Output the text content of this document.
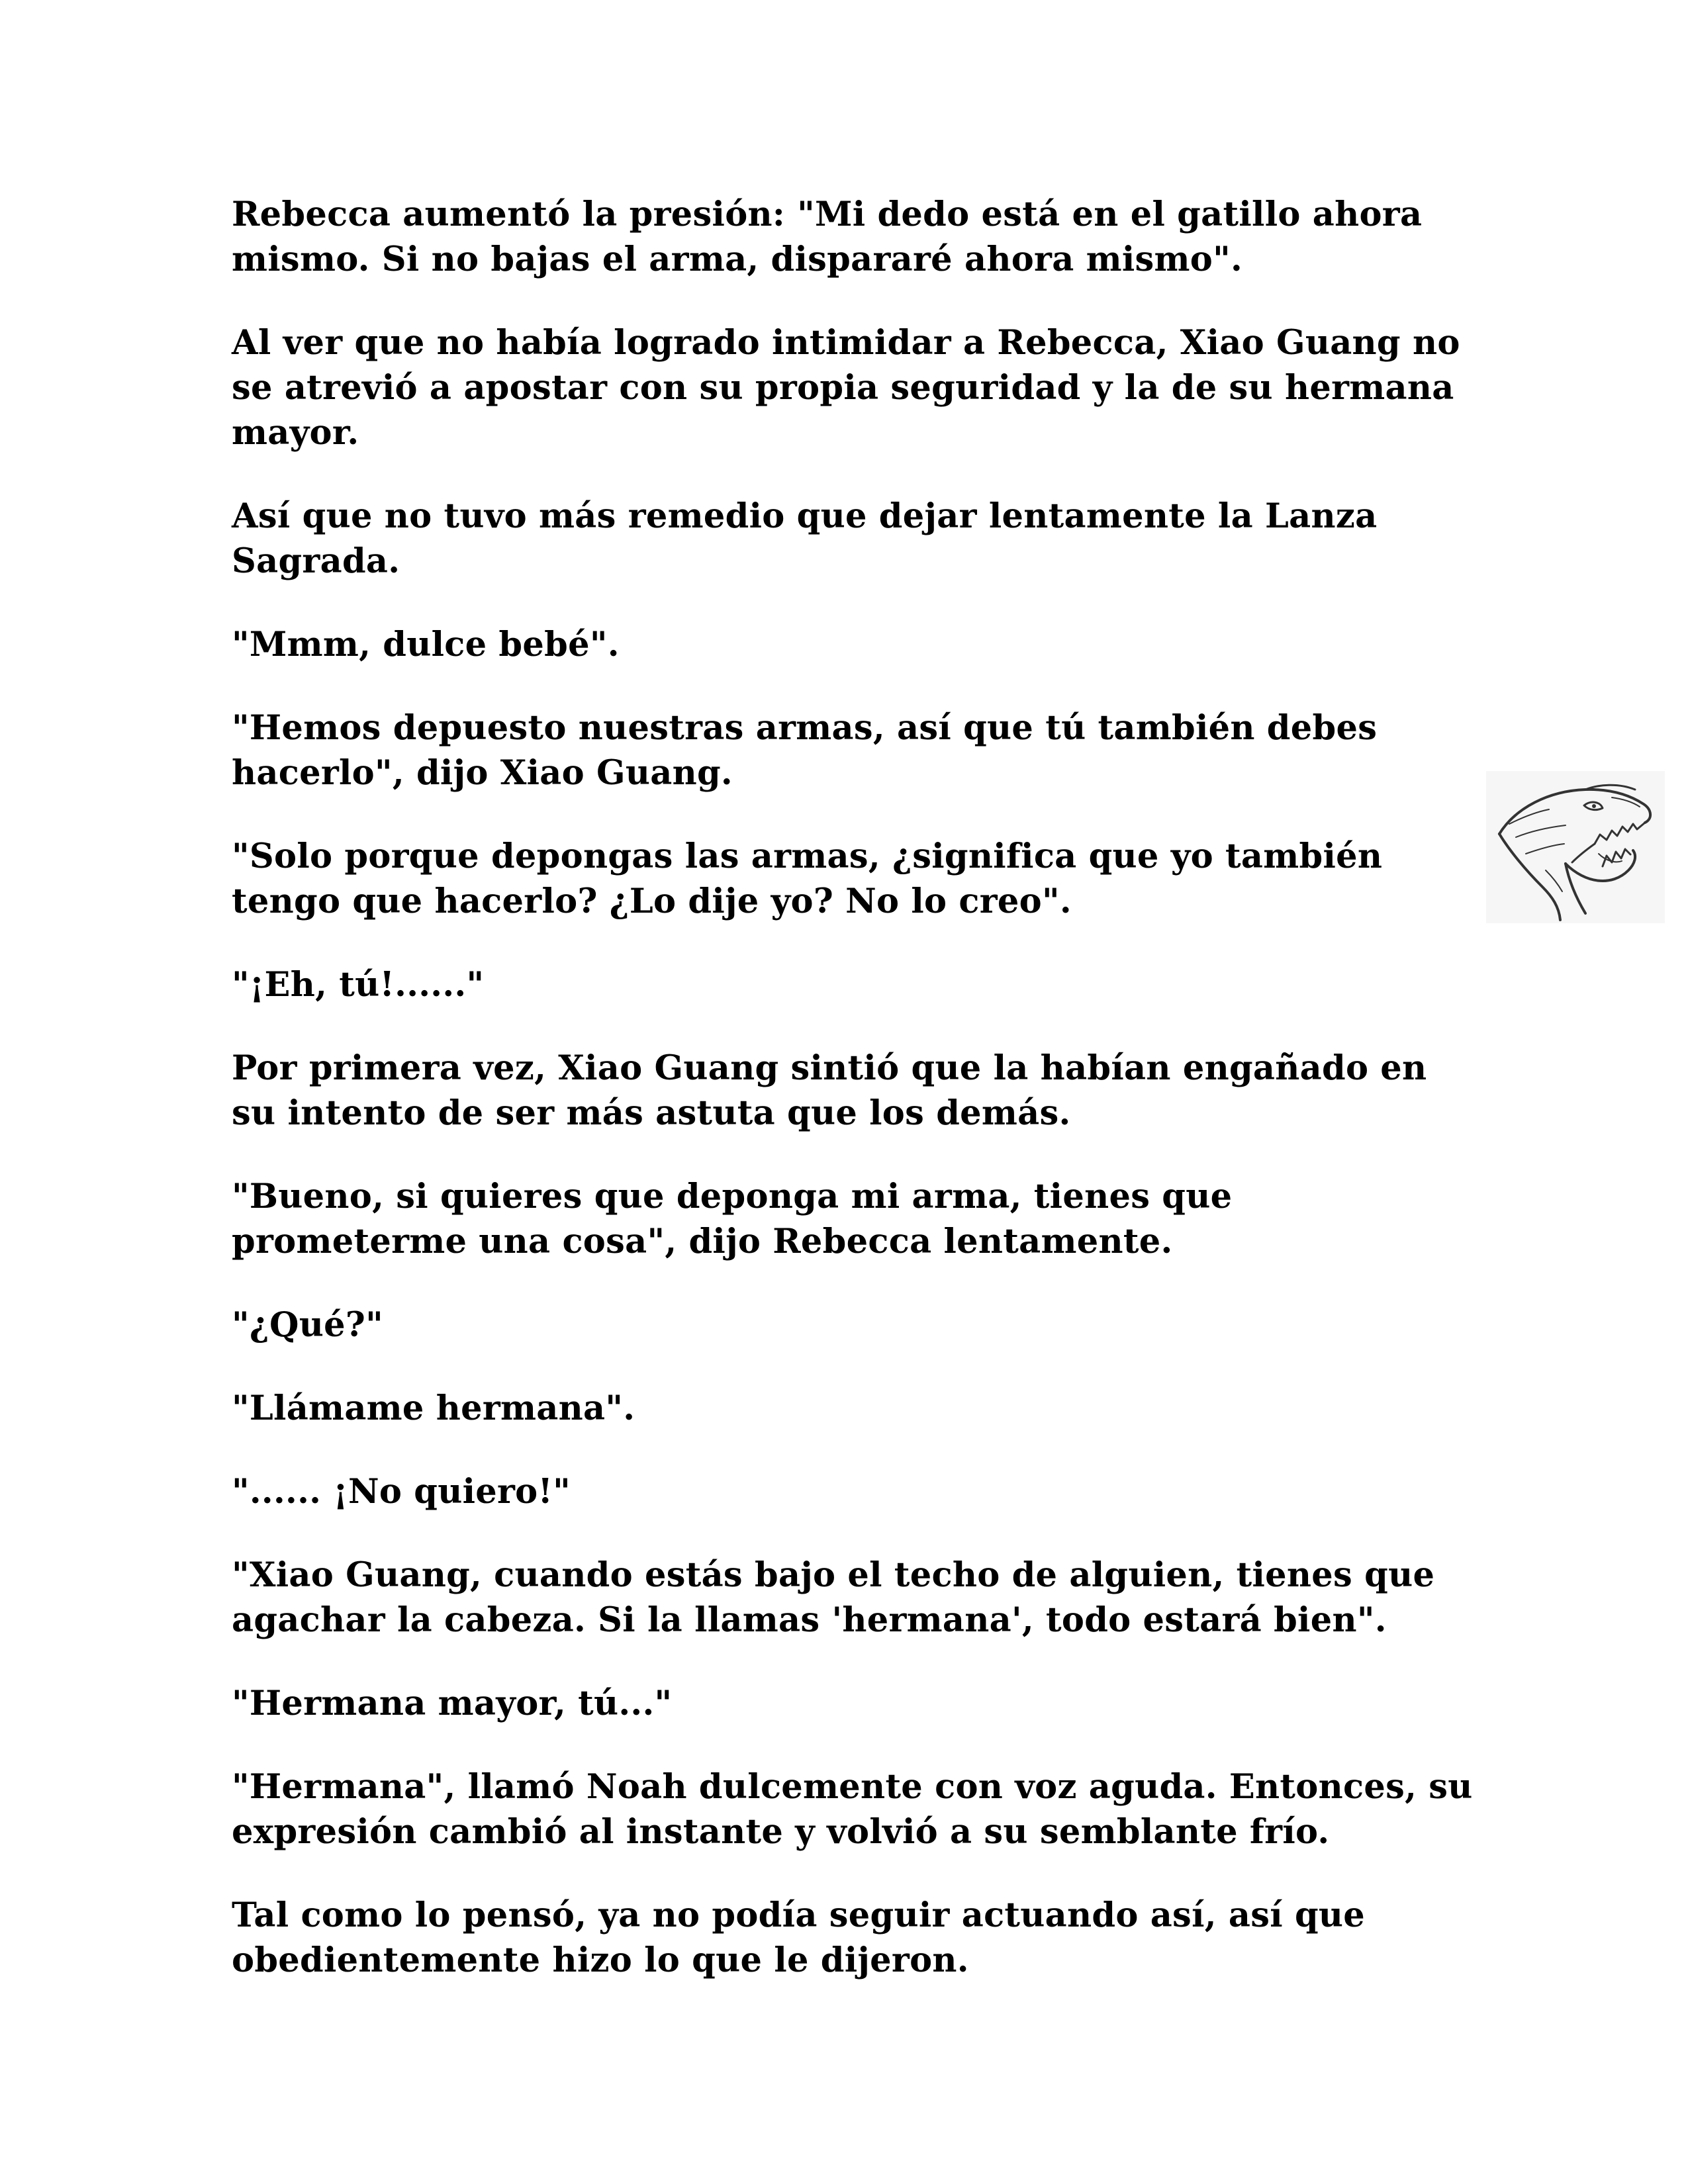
Rebecca aumentó la presión: "Mi dedo está en el gatillo ahora mismo. Si no bajas el arma, dispararé ahora mismo".

Al ver que no había logrado intimidar a Rebecca, Xiao Guang no se atrevió a apostar con su propia seguridad y la de su hermana mayor.

Así que no tuvo más remedio que dejar lentamente la Lanza Sagrada.

"Mmm, dulce bebé".

"Hemos depuesto nuestras armas, así que tú también debes hacerlo", dijo Xiao Guang.

"Solo porque depongas las armas, ¿significa que yo también tengo que hacerlo? ¿Lo dije yo? No lo creo".

"¡Eh, tú!......"

Por primera vez, Xiao Guang sintió que la habían engañado en su intento de ser más astuta que los demás.

"Bueno, si quieres que deponga mi arma, tienes que prometerme una cosa", dijo Rebecca lentamente.

"¿Qué?"

"Llámame hermana".

"...... ¡No quiero!"

"Xiao Guang, cuando estás bajo el techo de alguien, tienes que agachar la cabeza. Si la llamas 'hermana', todo estará bien".

"Hermana mayor, tú..."

"Hermana", llamó Noah dulcemente con voz aguda. Entonces, su expresión cambió al instante y volvió a su semblante frío.

Tal como lo pensó, ya no podía seguir actuando así, así que obedientemente hizo lo que le dijeron.
